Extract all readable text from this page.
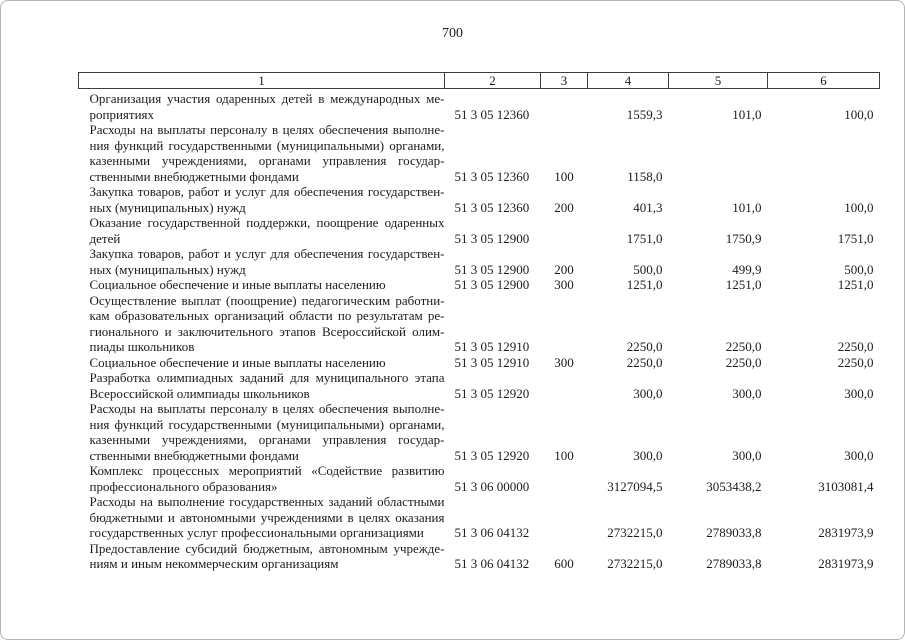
700
1	2	3	4	5	6

Организация участия одаренных детей в международных ме-
роприятиях	51 3 05 12360		1559,3	101,0	100,0

Расходы на выплаты персоналу в целях обеспечения выполне-
ния функций государственными (муниципальными) органами,
казенными учреждениями, органами управления государ-
ственными внебюджетными фондами	51 3 05 12360	100	1158,0		

Закупка товаров, работ и услуг для обеспечения государствен-
ных (муниципальных) нужд	51 3 05 12360	200	401,3	101,0	100,0

Оказание государственной поддержки, поощрение одаренных
детей	51 3 05 12900		1751,0	1750,9	1751,0

Закупка товаров, работ и услуг для обеспечения государствен-
ных (муниципальных) нужд	51 3 05 12900	200	500,0	499,9	500,0

Социальное обеспечение и иные выплаты населению	51 3 05 12900	300	1251,0	1251,0	1251,0

Осуществление выплат (поощрение) педагогическим работни-
кам образовательных организаций области по результатам ре-
гионального и заключительного этапов Всероссийской олим-
пиады школьников	51 3 05 12910		2250,0	2250,0	2250,0

Социальное обеспечение и иные выплаты населению	51 3 05 12910	300	2250,0	2250,0	2250,0

Разработка олимпиадных заданий для муниципального этапа
Всероссийской олимпиады школьников	51 3 05 12920		300,0	300,0	300,0

Расходы на выплаты персоналу в целях обеспечения выполне-
ния функций государственными (муниципальными) органами,
казенными учреждениями, органами управления государ-
ственными внебюджетными фондами	51 3 05 12920	100	300,0	300,0	300,0

Комплекс процессных мероприятий «Содействие развитию
профессионального образования»	51 3 06 00000		3127094,5	3053438,2	3103081,4

Расходы на выполнение государственных заданий областными
бюджетными и автономными учреждениями в целях оказания
государственных услуг профессиональными организациями	51 3 06 04132		2732215,0	2789033,8	2831973,9

Предоставление субсидий бюджетным, автономным учрежде-
ниям и иным некоммерческим организациям	51 3 06 04132	600	2732215,0	2789033,8	2831973,9
